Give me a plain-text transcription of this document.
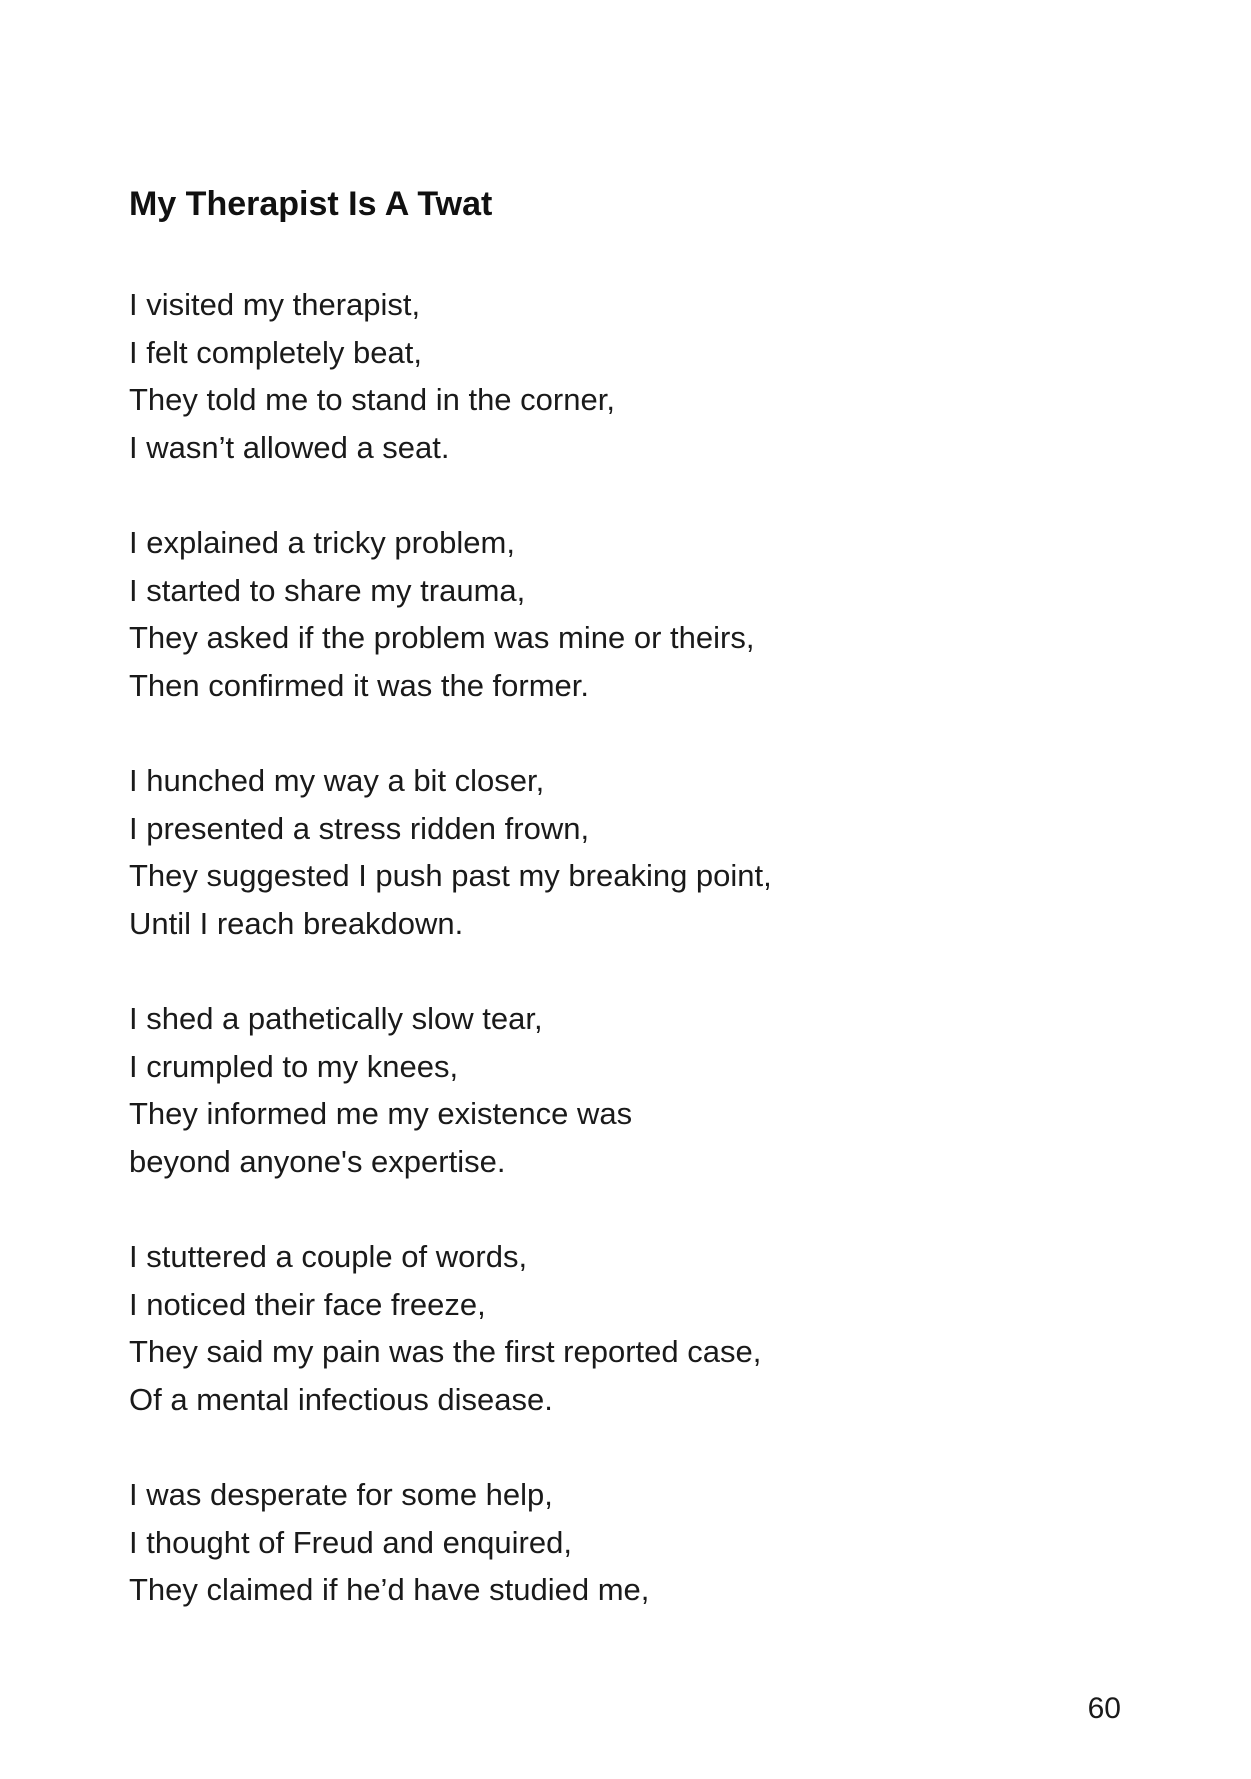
My Therapist Is A Twat
I visited my therapist,
I felt completely beat,
They told me to stand in the corner,
I wasn’t allowed a seat.
I explained a tricky problem,
I started to share my trauma,
They asked if the problem was mine or theirs,
Then confirmed it was the former.
I hunched my way a bit closer,
I presented a stress ridden frown,
They suggested I push past my breaking point,
Until I reach breakdown.
I shed a pathetically slow tear,
I crumpled to my knees,
They informed me my existence was
beyond anyone's expertise.
I stuttered a couple of words,
I noticed their face freeze,
They said my pain was the first reported case,
Of a mental infectious disease.
I was desperate for some help,
I thought of Freud and enquired,
They claimed if he’d have studied me,
60
